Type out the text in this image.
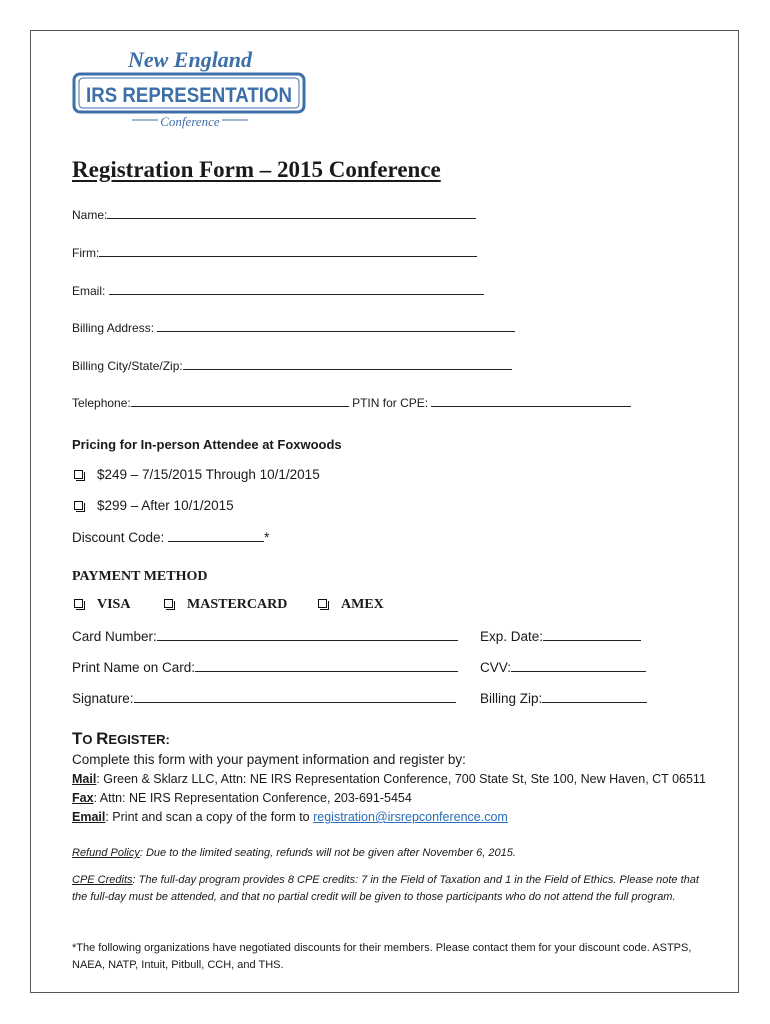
New England
IRS REPRESENTATION
Conference
Registration Form – 2015 Conference
Name:
Firm:
Email:
Billing Address:
Billing City/State/Zip:
Telephone:	PTIN for CPE:
Pricing for In-person Attendee at Foxwoods
$249 – 7/15/2015 Through 10/1/2015
$299 – After 10/1/2015
Discount Code:	*
PAYMENT METHOD
VISA	MASTERCARD	AMEX
Card Number:	Exp. Date:
Print Name on Card:	CVV:
Signature:	Billing Zip:
TO REGISTER:
Complete this form with your payment information and register by:
Mail: Green & Sklarz LLC, Attn: NE IRS Representation Conference, 700 State St, Ste 100, New Haven, CT 06511
Fax: Attn: NE IRS Representation Conference, 203-691-5454
Email: Print and scan a copy of the form to registration@irsrepconference.com
Refund Policy: Due to the limited seating, refunds will not be given after November 6, 2015.
CPE Credits: The full-day program provides 8 CPE credits: 7 in the Field of Taxation and 1 in the Field of Ethics. Please note that the full-day must be attended, and that no partial credit will be given to those participants who do not attend the full program.
*The following organizations have negotiated discounts for their members. Please contact them for your discount code. ASTPS, NAEA, NATP, Intuit, Pitbull, CCH, and THS.
